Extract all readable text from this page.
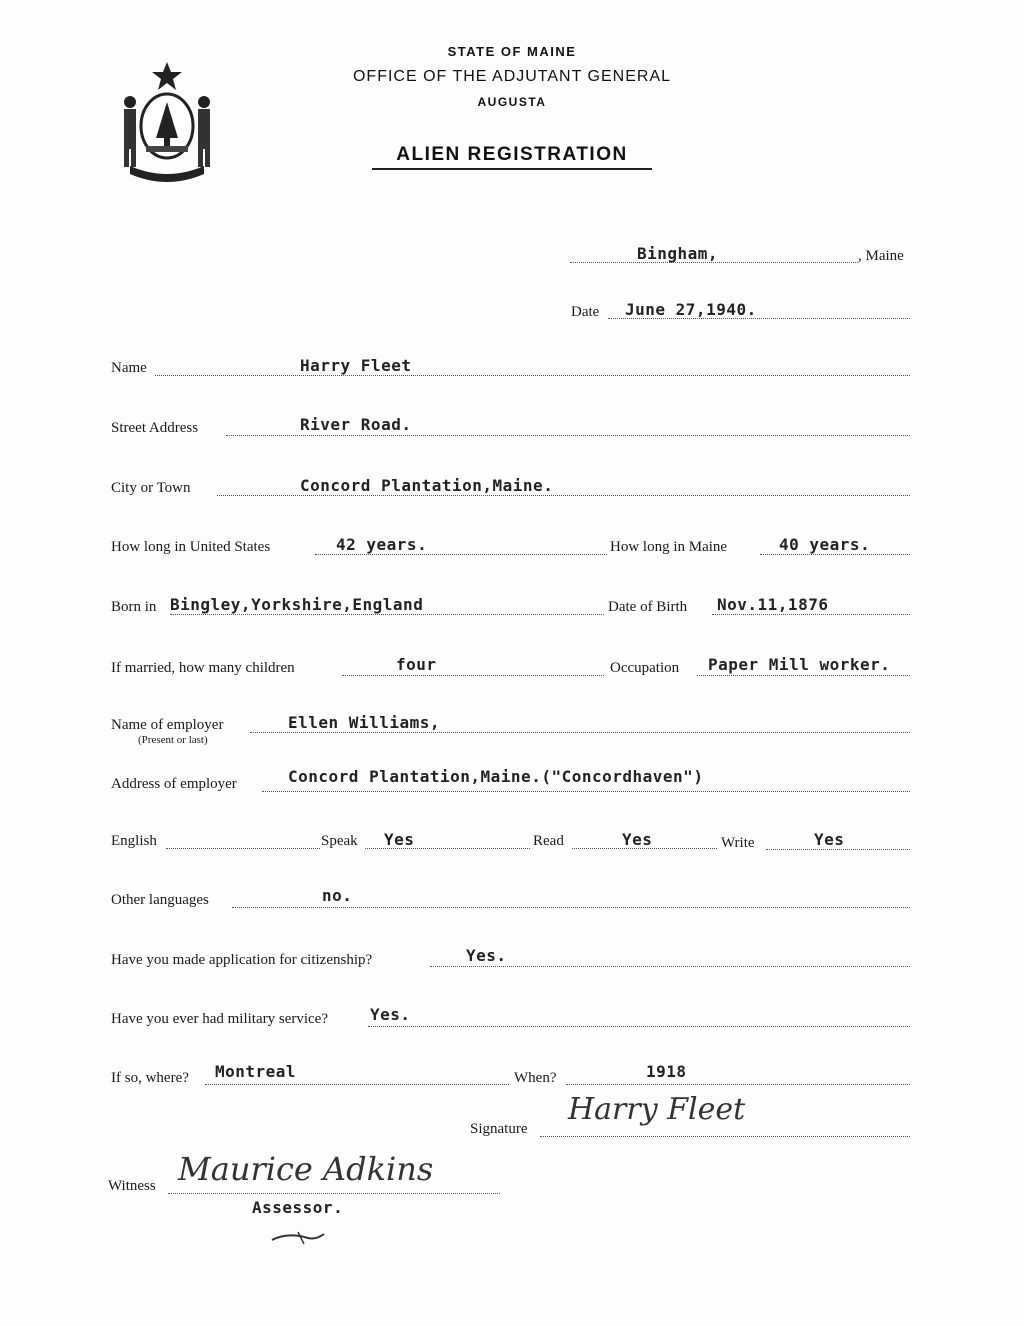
MAINE
STATE OF MAINE
OFFICE OF THE ADJUTANT GENERAL
AUGUSTA
ALIEN REGISTRATION
Bingham,	, Maine
Date June 27,1940.
Name	Harry Fleet
Street Address	River Road.
City or Town	Concord Plantation,Maine.
How long in United States	42 years.	How long in Maine	40 years.
Born in Bingley,Yorkshire,England	Date of Birth Nov.11,1876
If married, how many children	four	Occupation Paper Mill worker.
Name of employer
(Present or last)
Ellen Williams,
Address of employer	Concord Plantation,Maine.("Concordhaven")
English	Speak Yes	Read	Yes	Write	Yes
Other languages	no.
Have you made application for citizenship?	Yes.
Have you ever had military service?	Yes.
If so, where? Montreal	When?	1918
Signature
Harry Fleet
Witness Maurice Adkins
Assessor.
